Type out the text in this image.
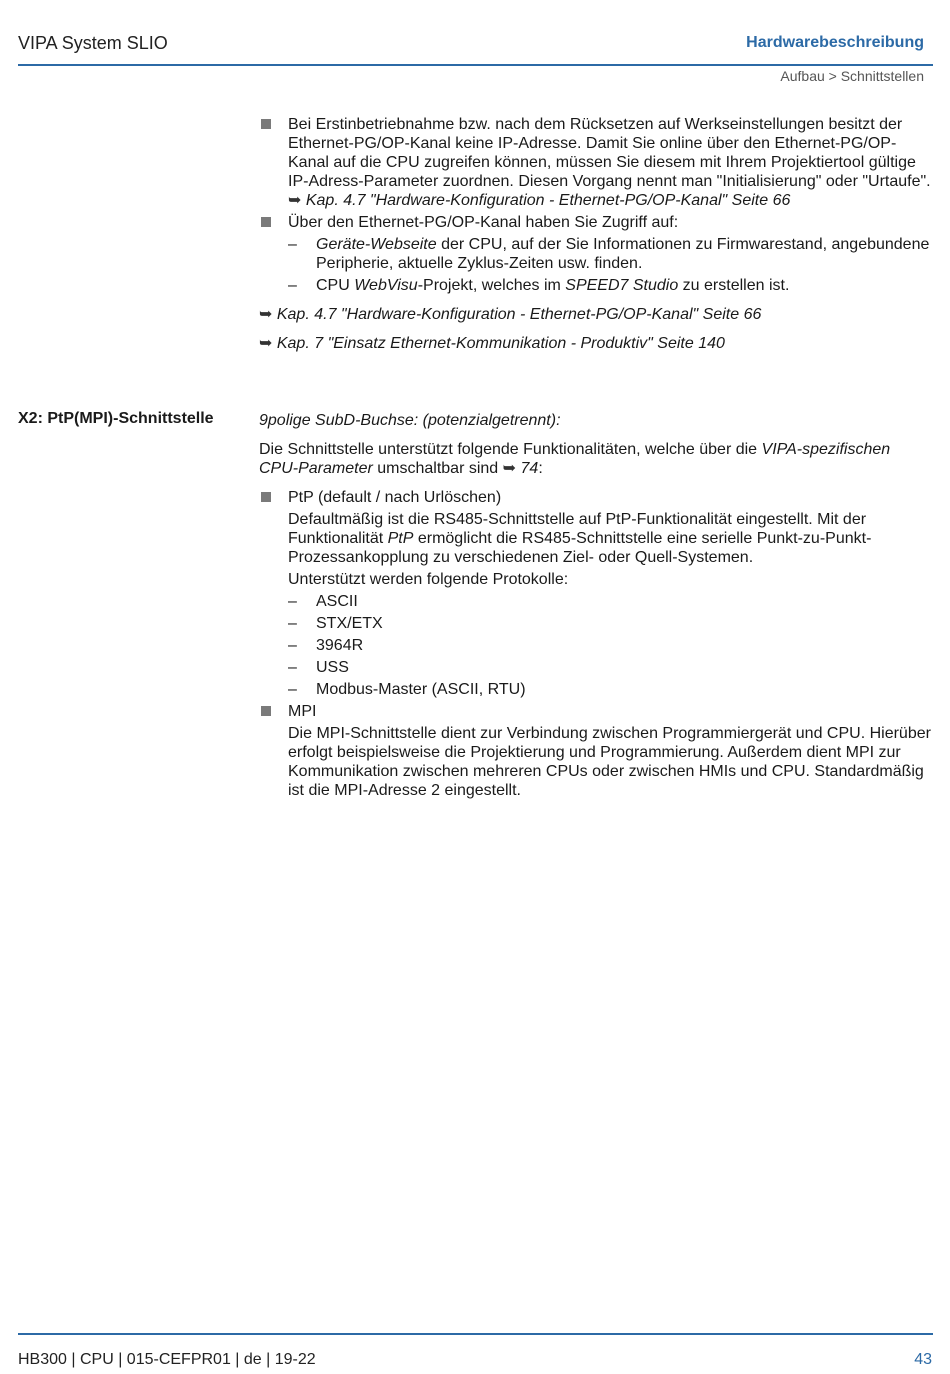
VIPA System SLIO	Hardwarebeschreibung
Aufbau > Schnittstellen
Bei Erstinbetriebnahme bzw. nach dem Rücksetzen auf Werkseinstellungen besitzt der Ethernet-PG/OP-Kanal keine IP-Adresse. Damit Sie online über den Ethernet-PG/OP-Kanal auf die CPU zugreifen können, müssen Sie diesem mit Ihrem Projektiertool gültige IP-Adress-Parameter zuordnen. Diesen Vorgang nennt man "Initialisierung" oder "Urtaufe". ➥ Kap. 4.7 "Hardware-Konfiguration - Ethernet-PG/OP-Kanal" Seite 66
Über den Ethernet-PG/OP-Kanal haben Sie Zugriff auf:
– Geräte-Webseite der CPU, auf der Sie Informationen zu Firmwarestand, angebundene Peripherie, aktuelle Zyklus-Zeiten usw. finden.
– CPU WebVisu-Projekt, welches im SPEED7 Studio zu erstellen ist.
➥ Kap. 4.7 "Hardware-Konfiguration - Ethernet-PG/OP-Kanal" Seite 66
➥ Kap. 7 "Einsatz Ethernet-Kommunikation - Produktiv" Seite 140
X2: PtP(MPI)-Schnittstelle	9polige SubD-Buchse: (potenzialgetrennt):
Die Schnittstelle unterstützt folgende Funktionalitäten, welche über die VIPA-spezifischen CPU-Parameter umschaltbar sind ➥ 74:
PtP (default / nach Urlöschen)
Defaultmäßig ist die RS485-Schnittstelle auf PtP-Funktionalität eingestellt. Mit der Funktionalität PtP ermöglicht die RS485-Schnittstelle eine serielle Punkt-zu-Punkt-Prozessankopplung zu verschiedenen Ziel- oder Quell-Systemen.
Unterstützt werden folgende Protokolle:
– ASCII
– STX/ETX
– 3964R
– USS
– Modbus-Master (ASCII, RTU)
MPI
Die MPI-Schnittstelle dient zur Verbindung zwischen Programmiergerät und CPU. Hierüber erfolgt beispielsweise die Projektierung und Programmierung. Außerdem dient MPI zur Kommunikation zwischen mehreren CPUs oder zwischen HMIs und CPU. Standardmäßig ist die MPI-Adresse 2 eingestellt.
HB300 | CPU | 015-CEFPR01 | de | 19-22	43
